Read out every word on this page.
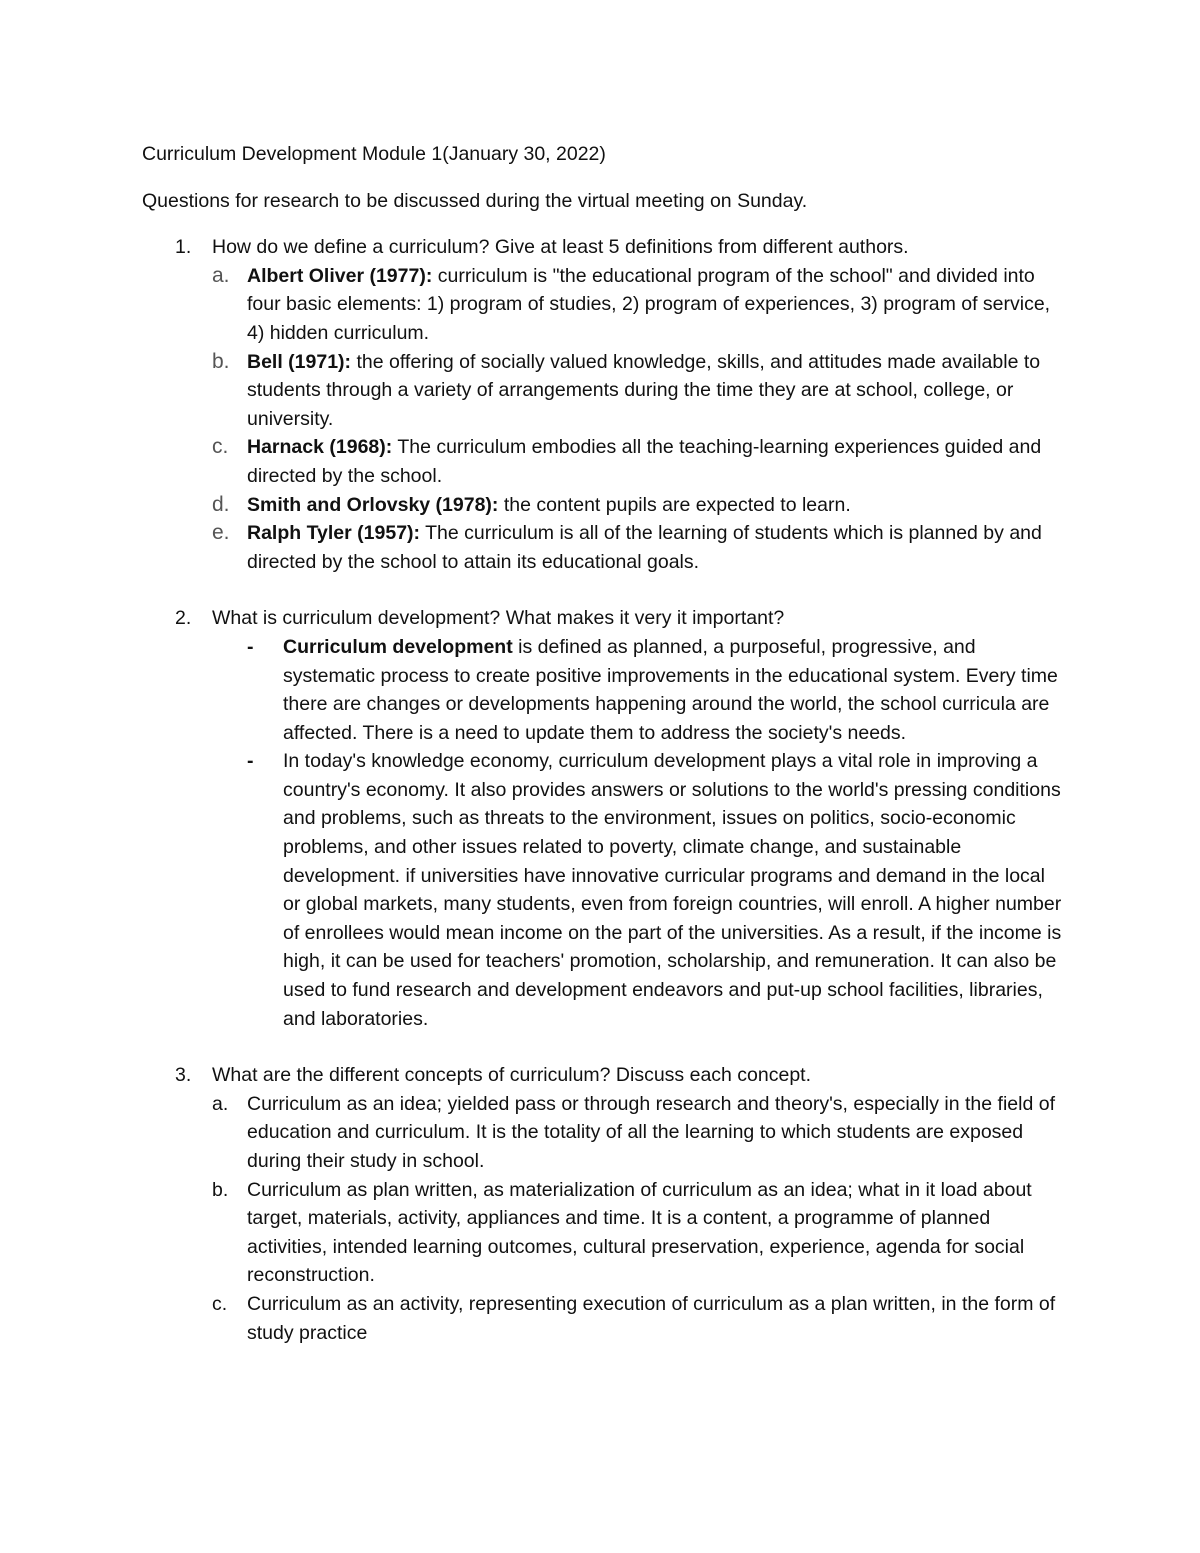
Curriculum Development Module 1(January 30, 2022)

Questions for research to be discussed during the virtual meeting on Sunday.

1. How do we define a curriculum? Give at least 5 definitions from different authors.
a. Albert Oliver (1977): curriculum is "the educational program of the school" and divided into four basic elements: 1) program of studies, 2) program of experiences, 3) program of service, 4) hidden curriculum.
b. Bell (1971): the offering of socially valued knowledge, skills, and attitudes made available to students through a variety of arrangements during the time they are at school, college, or university.
c. Harnack (1968): The curriculum embodies all the teaching-learning experiences guided and directed by the school.
d. Smith and Orlovsky (1978): the content pupils are expected to learn.
e. Ralph Tyler (1957): The curriculum is all of the learning of students which is planned by and directed by the school to attain its educational goals.
2. What is curriculum development? What makes it very it important?
- Curriculum development is defined as planned, a purposeful, progressive, and systematic process to create positive improvements in the educational system. Every time there are changes or developments happening around the world, the school curricula are affected. There is a need to update them to address the society's needs.
- In today's knowledge economy, curriculum development plays a vital role in improving a country's economy. It also provides answers or solutions to the world's pressing conditions and problems, such as threats to the environment, issues on politics, socio-economic problems, and other issues related to poverty, climate change, and sustainable development. if universities have innovative curricular programs and demand in the local or global markets, many students, even from foreign countries, will enroll. A higher number of enrollees would mean income on the part of the universities. As a result, if the income is high, it can be used for teachers' promotion, scholarship, and remuneration. It can also be used to fund research and development endeavors and put-up school facilities, libraries, and laboratories.
3. What are the different concepts of curriculum? Discuss each concept.
a. Curriculum as an idea; yielded pass or through research and theory's, especially in the field of education and curriculum. It is the totality of all the learning to which students are exposed during their study in school.
b. Curriculum as plan written, as materialization of curriculum as an idea; what in it load about target, materials, activity, appliances and time. It is a content, a programme of planned activities, intended learning outcomes, cultural preservation, experience, agenda for social reconstruction.
c. Curriculum as an activity, representing execution of curriculum as a plan written, in the form of study practice
